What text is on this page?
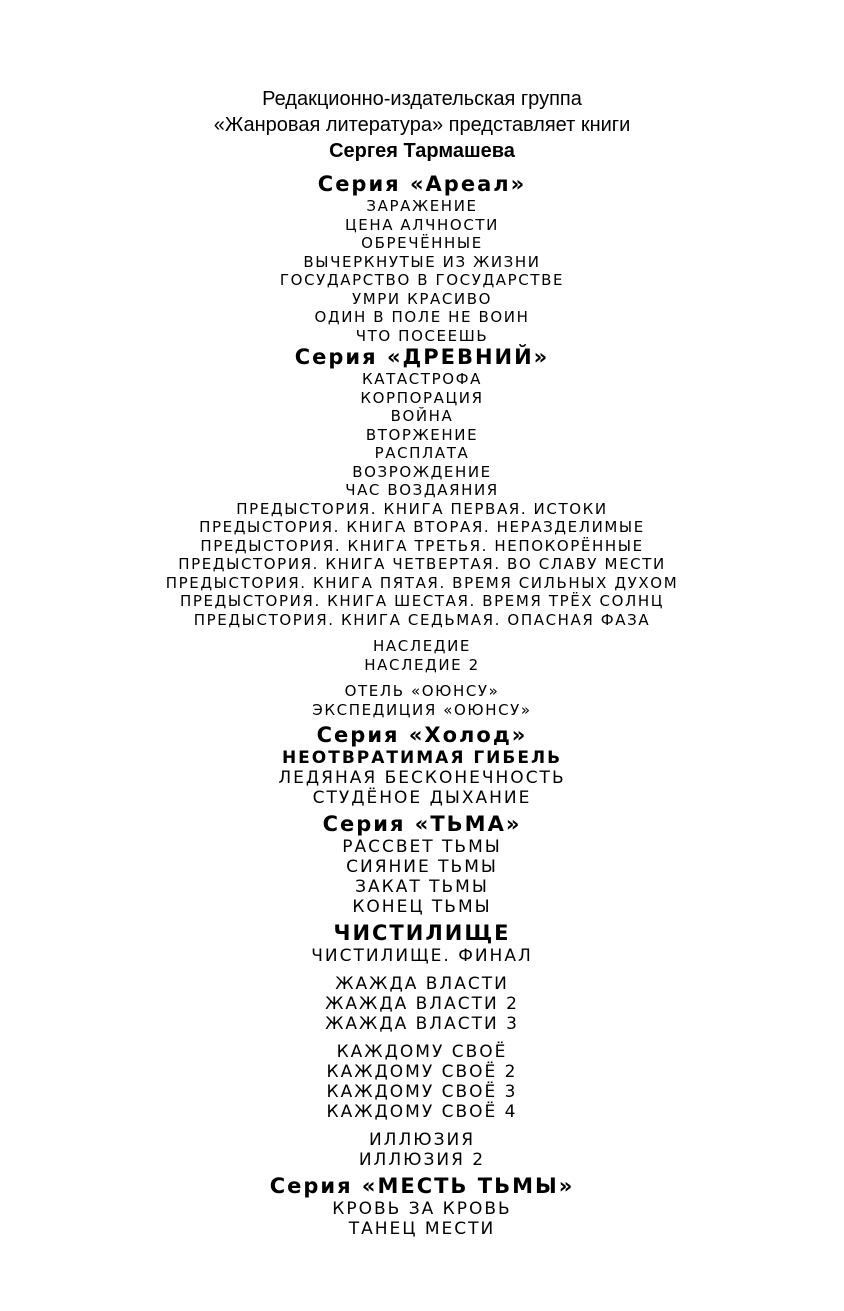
Редакционно-издательская группа

«Жанровая литература» представляет книги

Сергея Тармашева

Серия «Ареал»

ЗАРАЖЕНИЕ

ЦЕНА АЛЧНОСТИ

ОБРЕЧЁННЫЕ

ВЫЧЕРКНУТЫЕ ИЗ ЖИЗНИ

ГОСУДАРСТВО В ГОСУДАРСТВЕ

УМРИ КРАСИВО

ОДИН В ПОЛЕ НЕ ВОИН

ЧТО ПОСЕЕШЬ

Серия «ДРЕВНИЙ»

КАТАСТРОФА

КОРПОРАЦИЯ

ВОЙНА

ВТОРЖЕНИЕ

РАСПЛАТА

ВОЗРОЖДЕНИЕ

ЧАС ВОЗДАЯНИЯ

ПРЕДЫСТОРИЯ. КНИГА ПЕРВАЯ. ИСТОКИ

ПРЕДЫСТОРИЯ. КНИГА ВТОРАЯ. НЕРАЗДЕЛИМЫЕ

ПРЕДЫСТОРИЯ. КНИГА ТРЕТЬЯ. НЕПОКОРЁННЫЕ

ПРЕДЫСТОРИЯ. КНИГА ЧЕТВЕРТАЯ. ВО СЛАВУ МЕСТИ

ПРЕДЫСТОРИЯ. КНИГА ПЯТАЯ. ВРЕМЯ СИЛЬНЫХ ДУХОМ

ПРЕДЫСТОРИЯ. КНИГА ШЕСТАЯ. ВРЕМЯ ТРЁХ СОЛНЦ

ПРЕДЫСТОРИЯ. КНИГА СЕДЬМАЯ. ОПАСНАЯ ФАЗА

НАСЛЕДИЕ

НАСЛЕДИЕ 2

ОТЕЛЬ «ОЮНСУ»

ЭКСПЕДИЦИЯ «ОЮНСУ»

Серия «Холод»

НЕОТВРАТИМАЯ ГИБЕЛЬ

ЛЕДЯНАЯ БЕСКОНЕЧНОСТЬ

СТУДЁНОЕ ДЫХАНИЕ

Серия «ТЬМА»

РАССВЕТ ТЬМЫ

СИЯНИЕ ТЬМЫ

ЗАКАТ ТЬМЫ

КОНЕЦ ТЬМЫ

ЧИСТИЛИЩЕ

ЧИСТИЛИЩЕ. ФИНАЛ

ЖАЖДА ВЛАСТИ

ЖАЖДА ВЛАСТИ 2

ЖАЖДА ВЛАСТИ 3

КАЖДОМУ СВОЁ

КАЖДОМУ СВОЁ 2

КАЖДОМУ СВОЁ 3

КАЖДОМУ СВОЁ 4

ИЛЛЮЗИЯ

ИЛЛЮЗИЯ 2

Серия «МЕСТЬ ТЬМЫ»

КРОВЬ ЗА КРОВЬ

ТАНЕЦ МЕСТИ
